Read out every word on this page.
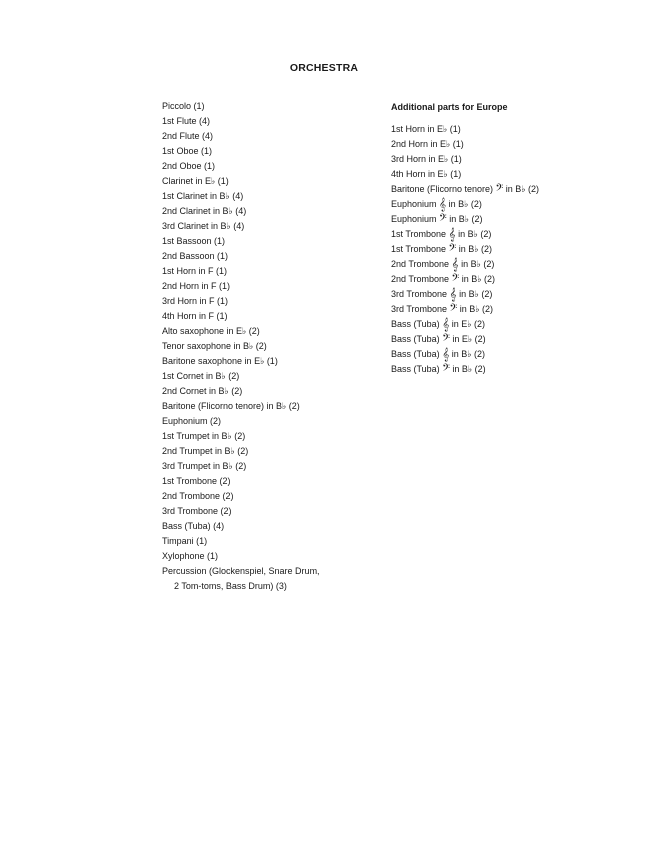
ORCHESTRA
Piccolo (1)
1st Flute (4)
2nd Flute (4)
1st Oboe (1)
2nd Oboe (1)
Clarinet in E♭ (1)
1st Clarinet in B♭ (4)
2nd Clarinet in B♭ (4)
3rd Clarinet in B♭ (4)
1st Bassoon (1)
2nd Bassoon (1)
1st Horn in F (1)
2nd Horn in F (1)
3rd Horn in F (1)
4th Horn in F (1)
Alto saxophone in E♭ (2)
Tenor saxophone in B♭ (2)
Baritone saxophone in E♭ (1)
1st Cornet in B♭ (2)
2nd Cornet in B♭ (2)
Baritone (Flicorno tenore) in B♭ (2)
Euphonium (2)
1st Trumpet in B♭ (2)
2nd Trumpet in B♭ (2)
3rd Trumpet in B♭ (2)
1st Trombone (2)
2nd Trombone (2)
3rd Trombone (2)
Bass (Tuba) (4)
Timpani (1)
Xylophone (1)
Percussion (Glockenspiel, Snare Drum,
2 Tom-toms, Bass Drum) (3)
Additional parts for Europe
1st Horn in E♭ (1)
2nd Horn in E♭ (1)
3rd Horn in E♭ (1)
4th Horn in E♭ (1)
Baritone (Flicorno tenore) 𝄢 in B♭ (2)
Euphonium 𝄞 in B♭ (2)
Euphonium 𝄢 in B♭ (2)
1st Trombone 𝄞 in B♭ (2)
1st Trombone 𝄢 in B♭ (2)
2nd Trombone 𝄞 in B♭ (2)
2nd Trombone 𝄢 in B♭ (2)
3rd Trombone 𝄞 in B♭ (2)
3rd Trombone 𝄢 in B♭ (2)
Bass (Tuba) 𝄞 in E♭ (2)
Bass (Tuba) 𝄢 in E♭ (2)
Bass (Tuba) 𝄞 in B♭ (2)
Bass (Tuba) 𝄢 in B♭ (2)
